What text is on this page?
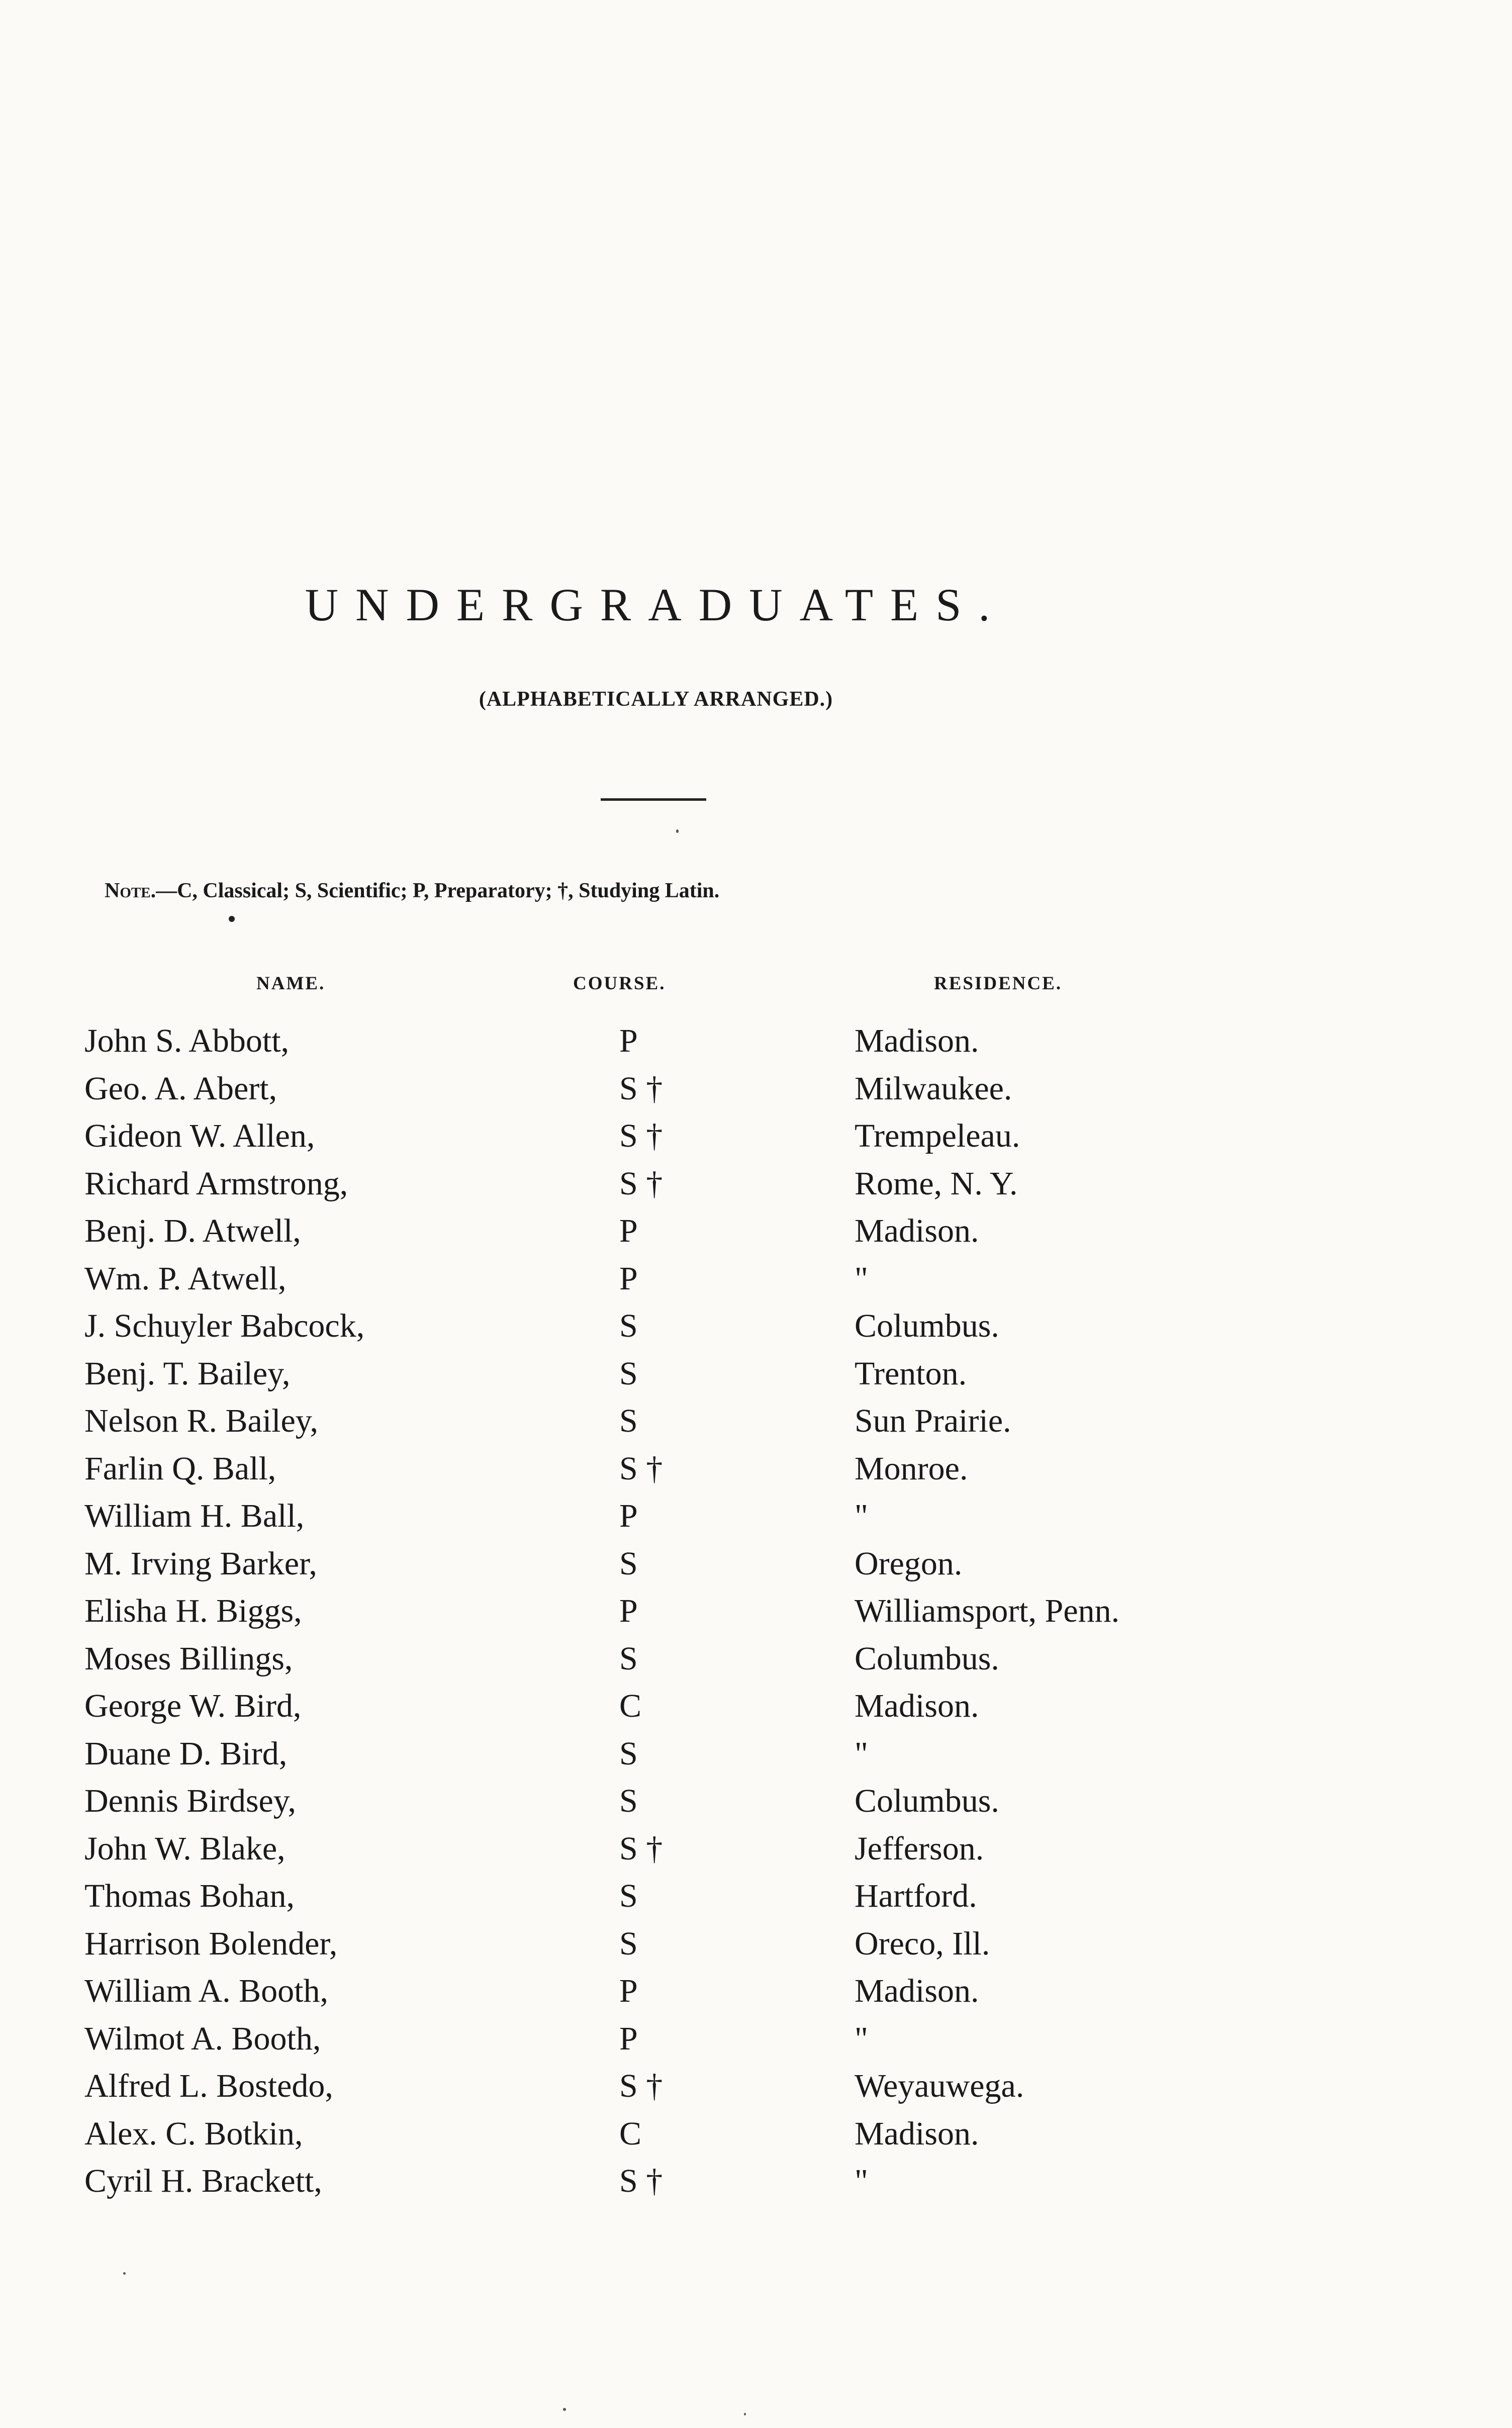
UNDERGRADUATES.
(ALPHABETICALLY ARRANGED.)
Note.—C, Classical; S, Scientific; P, Preparatory; †, Studying Latin.
NAME.	COURSE.	RESIDENCE.
John S. Abbott,	P	Madison.
Geo. A. Abert,	S †	Milwaukee.
Gideon W. Allen,	S †	Trempeleau.
Richard Armstrong,	S †	Rome, N. Y.
Benj. D. Atwell,	P	Madison.
Wm. P. Atwell,	P	"
J. Schuyler Babcock,	S	Columbus.
Benj. T. Bailey,	S	Trenton.
Nelson R. Bailey,	S	Sun Prairie.
Farlin Q. Ball,	S †	Monroe.
William H. Ball,	P	"
M. Irving Barker,	S	Oregon.
Elisha H. Biggs,	P	Williamsport, Penn.
Moses Billings,	S	Columbus.
George W. Bird,	C	Madison.
Duane D. Bird,	S	"
Dennis Birdsey,	S	Columbus.
John W. Blake,	S †	Jefferson.
Thomas Bohan,	S	Hartford.
Harrison Bolender,	S	Oreco, Ill.
William A. Booth,	P	Madison.
Wilmot A. Booth,	P	"
Alfred L. Bostedo,	S †	Weyauwega.
Alex. C. Botkin,	C	Madison.
Cyril H. Brackett,	S †	"
